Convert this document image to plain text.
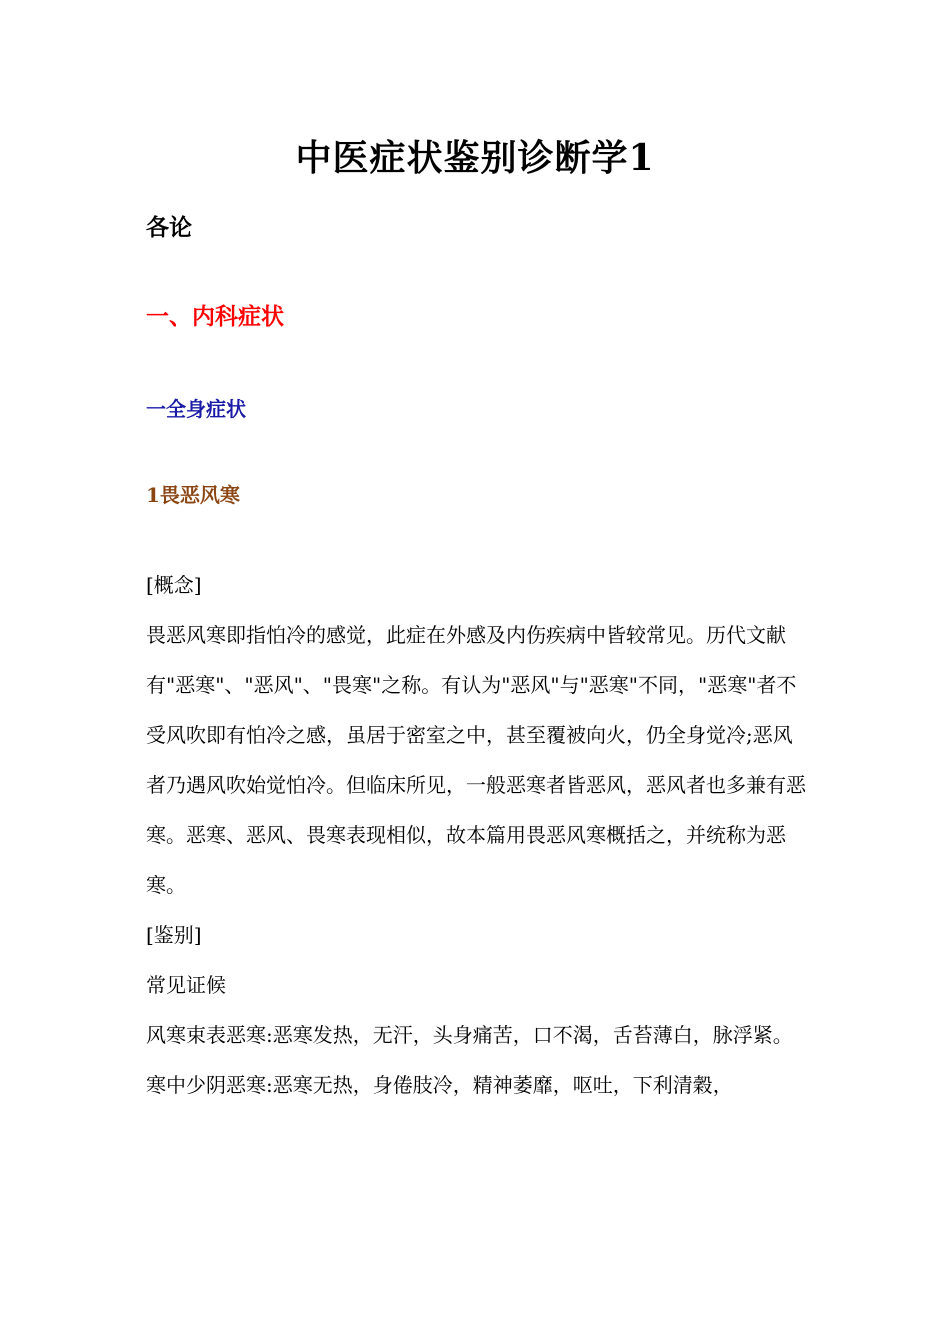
中医症状鉴别诊断学1
各论
一、内科症状
一全身症状
1畏恶风寒

[概念]

畏恶风寒即指怕冷的感觉，此症在外感及内伤疾病中皆较常见。历代文献有"恶寒"、"恶风"、"畏寒"之称。有认为"恶风"与"恶寒"不同，"恶寒"者不受风吹即有怕冷之感，虽居于密室之中，甚至覆被向火，仍全身觉冷;恶风者乃遇风吹始觉怕冷。但临床所见，一般恶寒者皆恶风，恶风者也多兼有恶寒。恶寒、恶风、畏寒表现相似，故本篇用畏恶风寒概括之，并统称为恶寒。

[鉴别]

常见证候

风寒束表恶寒:恶寒发热，无汗，头身痛苦，口不渴，舌苔薄白，脉浮紧。

寒中少阴恶寒:恶寒无热，身倦肢冷，精神萎靡，呕吐，下利清穀，
